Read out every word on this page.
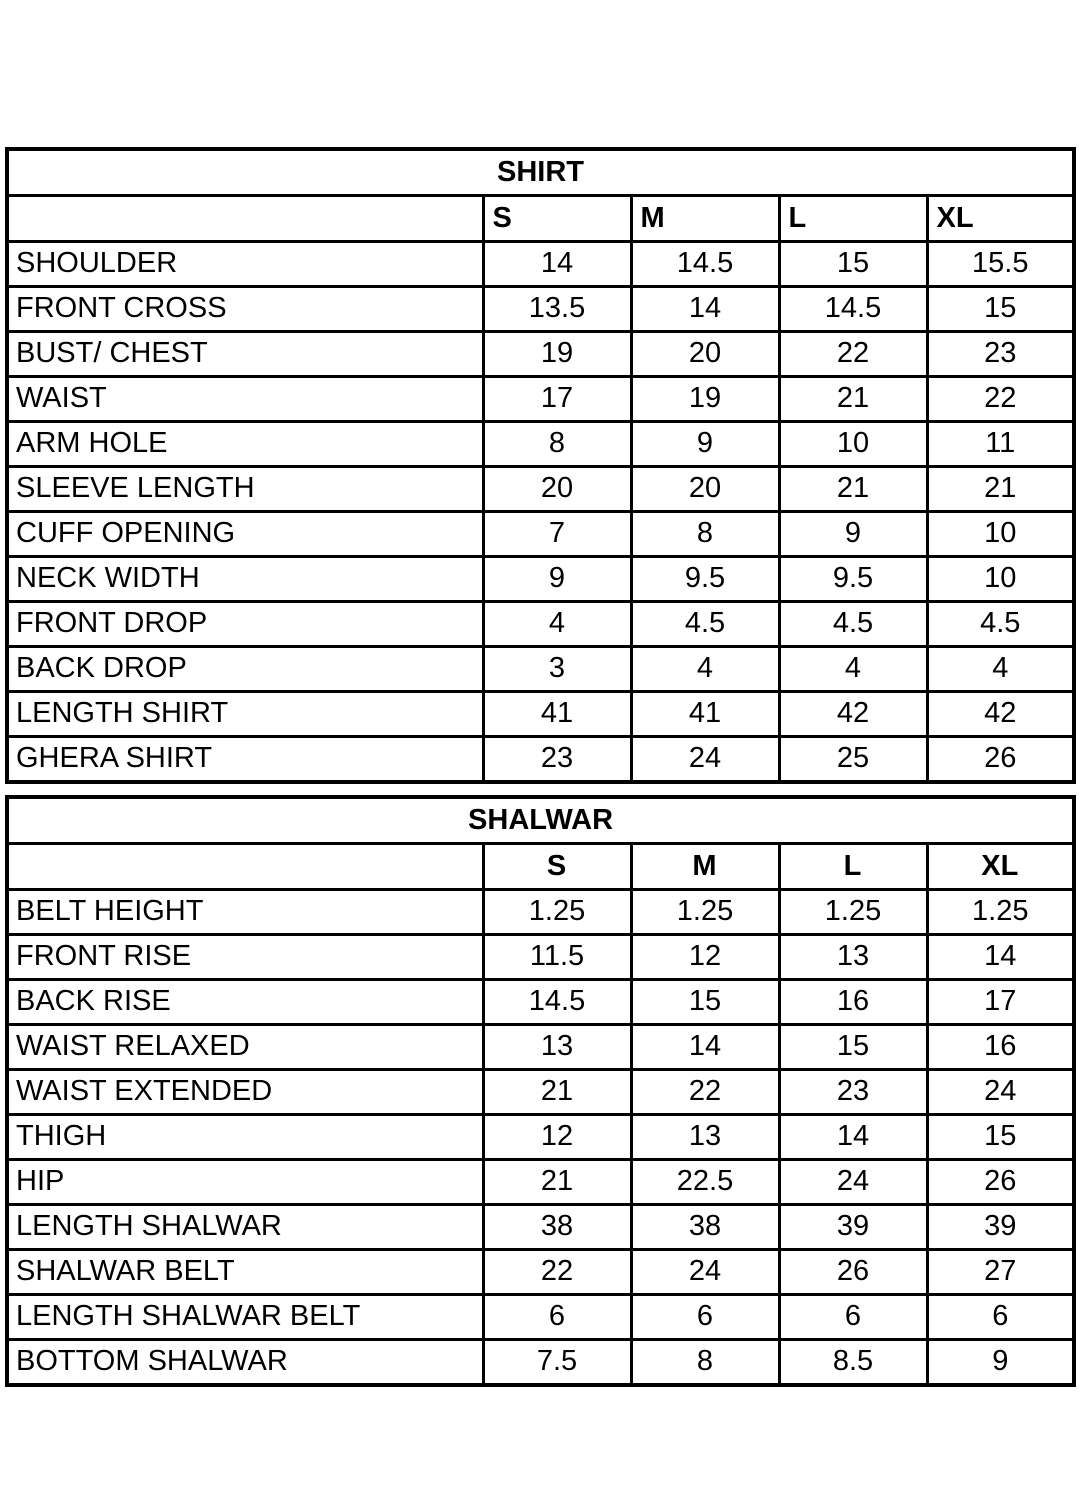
SHIRT				
	S	M	L	XL
SHOULDER	14	14.5	15	15.5
FRONT CROSS	13.5	14	14.5	15
BUST/ CHEST	19	20	22	23
WAIST	17	19	21	22
ARM HOLE	8	9	10	11
SLEEVE LENGTH	20	20	21	21
CUFF OPENING	7	8	9	10
NECK WIDTH	9	9.5	9.5	10
FRONT DROP	4	4.5	4.5	4.5
BACK DROP	3	4	4	4
LENGTH SHIRT	41	41	42	42
GHERA SHIRT	23	24	25	26
SHALWAR				
	S	M	L	XL
BELT HEIGHT	1.25	1.25	1.25	1.25
FRONT RISE	11.5	12	13	14
BACK RISE	14.5	15	16	17
WAIST RELAXED	13	14	15	16
WAIST EXTENDED	21	22	23	24
THIGH	12	13	14	15
HIP	21	22.5	24	26
LENGTH SHALWAR	38	38	39	39
SHALWAR BELT	22	24	26	27
LENGTH SHALWAR BELT	6	6	6	6
BOTTOM SHALWAR	7.5	8	8.5	9
